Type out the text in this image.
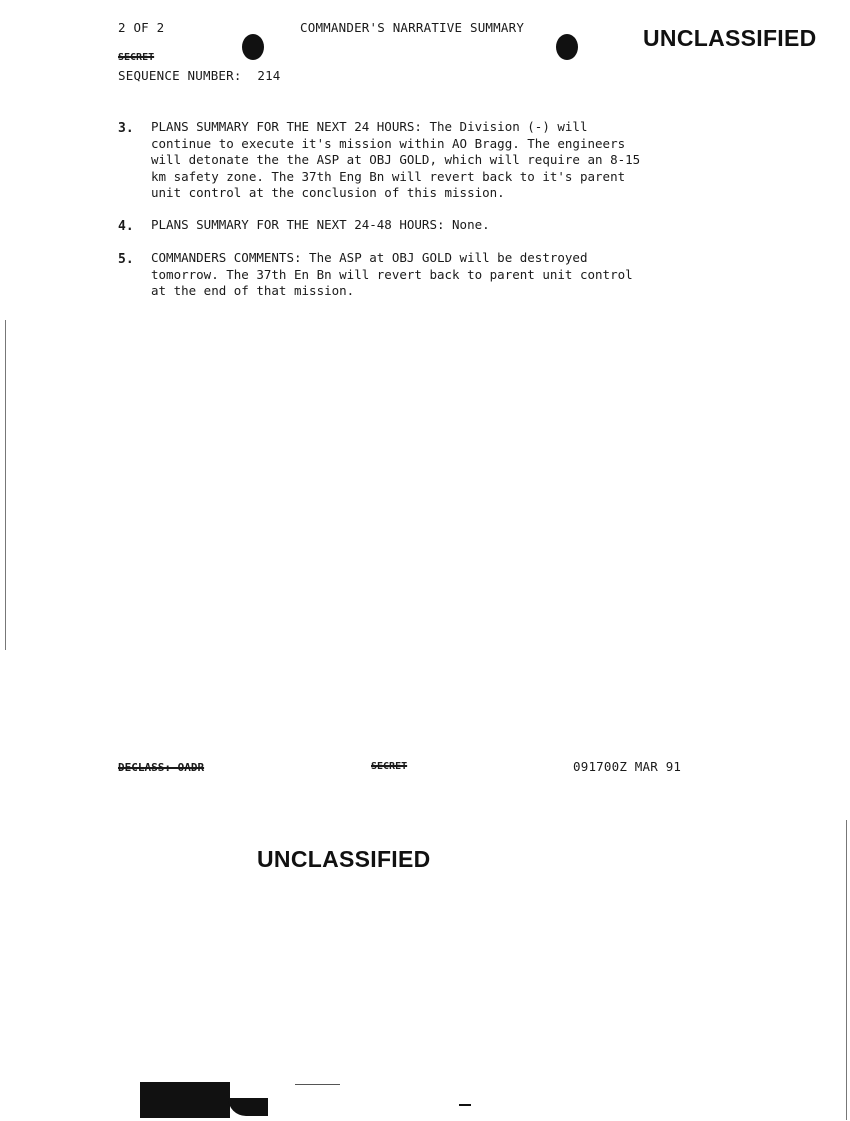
2 OF 2	COMMANDER'S NARRATIVE SUMMARY	UNCLASSIFIED
SECRET
SEQUENCE NUMBER: 214
3. PLANS SUMMARY FOR THE NEXT 24 HOURS: The Division (-) will
continue to execute it's mission within AO Bragg. The engineers
will detonate the the ASP at OBJ GOLD, which will require an 8-15
km safety zone. The 37th Eng Bn will revert back to it's parent
unit control at the conclusion of this mission.
4. PLANS SUMMARY FOR THE NEXT 24-48 HOURS: None.
5. COMMANDERS COMMENTS: The ASP at OBJ GOLD will be destroyed
tomorrow. The 37th En Bn will revert back to parent unit control
at the end of that mission.
DECLASS: OADR	SECRET	091700Z MAR 91
UNCLASSIFIED
